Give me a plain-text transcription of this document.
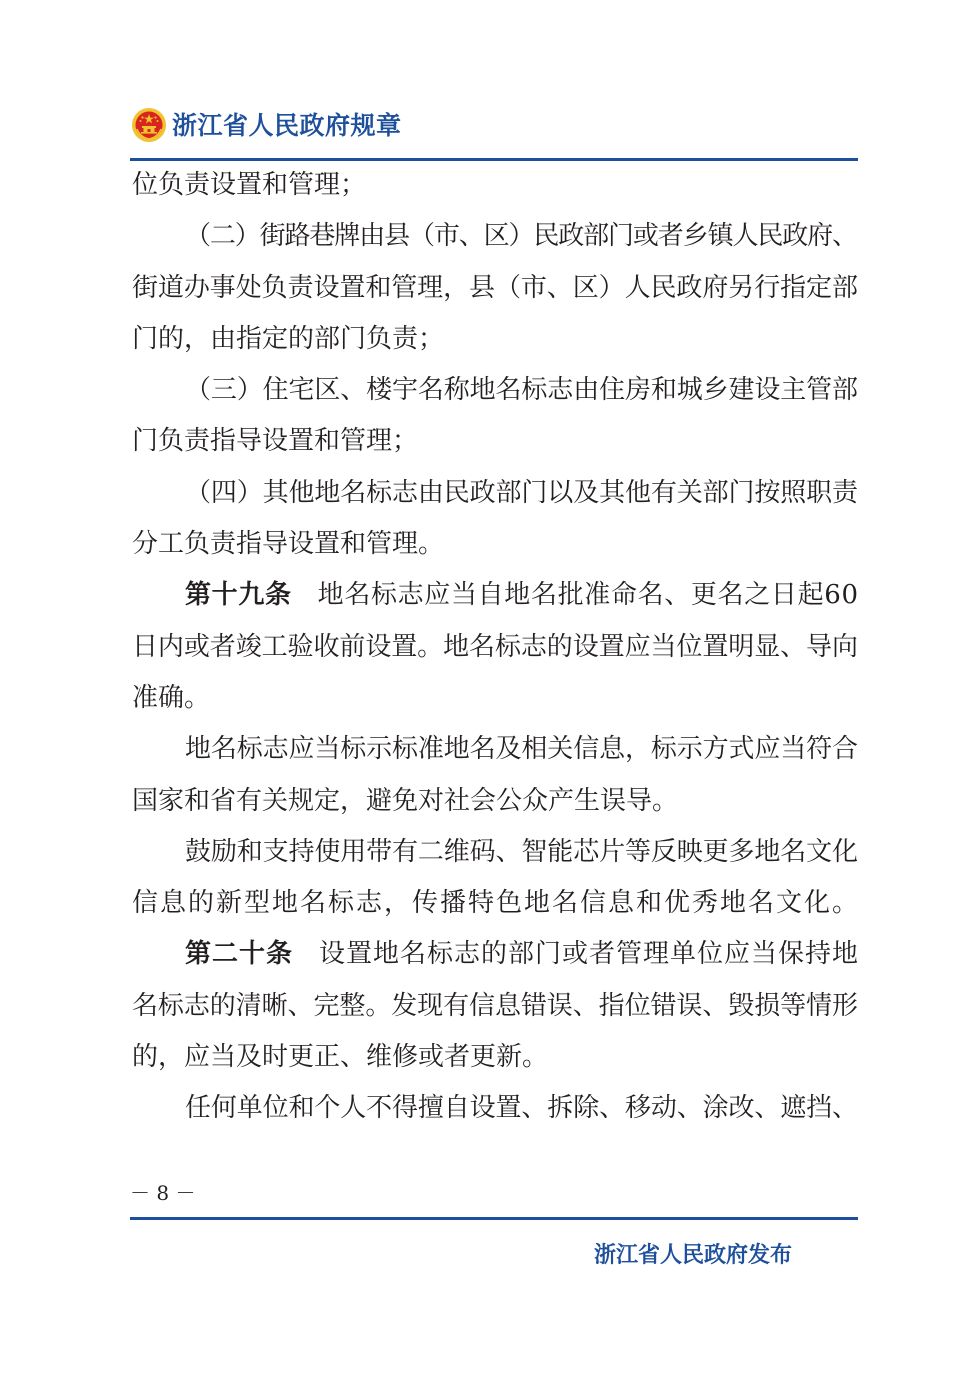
浙江省人民政府规章
位负责设置和管理；
（二）街路巷牌由县（市、区）民政部门或者乡镇人民政府、
街道办事处负责设置和管理，县（市、区）人民政府另行指定部
门的，由指定的部门负责；
（三）住宅区、楼宇名称地名标志由住房和城乡建设主管部
门负责指导设置和管理；
（四）其他地名标志由民政部门以及其他有关部门按照职责
分工负责指导设置和管理。
第十九条 地名标志应当自地名批准命名、更名之日起60
日内或者竣工验收前设置。地名标志的设置应当位置明显、导向
准确。
地名标志应当标示标准地名及相关信息，标示方式应当符合
国家和省有关规定，避免对社会公众产生误导。
鼓励和支持使用带有二维码、智能芯片等反映更多地名文化
信息的新型地名标志，传播特色地名信息和优秀地名文化。
第二十条 设置地名标志的部门或者管理单位应当保持地
名标志的清晰、完整。发现有信息错误、指位错误、毁损等情形
的，应当及时更正、维修或者更新。
任何单位和个人不得擅自设置、拆除、移动、涂改、遮挡、
－ 8 －
浙江省人民政府发布
